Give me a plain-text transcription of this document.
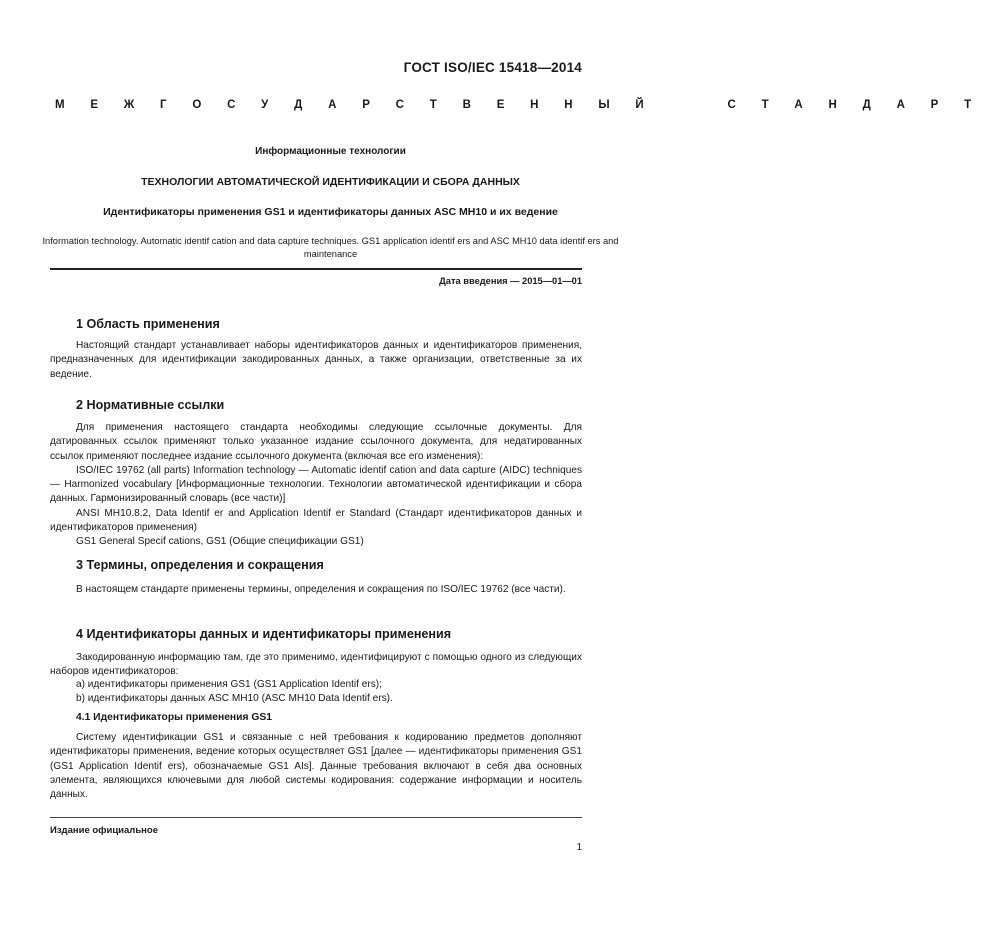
ГОСТ ISO/IEC 15418—2014
М Е Ж Г О С У Д А Р С Т В Е Н Н Ы Й     С Т А Н Д А Р Т
Информационные технологии
ТЕХНОЛОГИИ АВТОМАТИЧЕСКОЙ ИДЕНТИФИКАЦИИ И СБОРА ДАННЫХ
Идентификаторы применения GS1 и идентификаторы данных ASC MH10 и их ведение
Information technology. Automatic identif cation and data capture techniques. GS1 application identif ers and ASC MH10 data identif ers and maintenance
Дата введения — 2015—01—01
1 Область применения

Настоящий стандарт устанавливает наборы идентификаторов данных и идентификаторов применения, предназначенных для идентификации закодированных данных, а также организации, ответственные за их ведение.

2 Нормативные ссылки

Для применения настоящего стандарта необходимы следующие ссылочные документы. Для датированных ссылок применяют только указанное издание ссылочного документа, для недатированных ссылок применяют последнее издание ссылочного документа (включая все его изменения):

ISO/IEC 19762 (all parts) Information technology — Automatic identif cation and data capture (AIDC) techniques — Harmonized vocabulary [Информационные технологии. Технологии автоматической идентификации и сбора данных. Гармонизированный словарь (все части)]

ANSI MH10.8.2, Data Identif er and Application Identif er Standard (Стандарт идентификаторов данных и идентификаторов применения)

GS1 General Specif cations, GS1 (Общие спецификации GS1)

3 Термины, определения и сокращения

В настоящем стандарте применены термины, определения и сокращения по ISO/IEC 19762 (все части).

4 Идентификаторы данных и идентификаторы применения

Закодированную информацию там, где это применимо, идентифицируют с помощью одного из следующих наборов идентификаторов:

а) идентификаторы применения GS1 (GS1 Application Identif ers);
b) идентификаторы данных ASC MH10 (ASC MH10 Data Identif ers).
4.1 Идентификаторы применения GS1

Систему идентификации GS1 и связанные с ней требования к кодированию предметов дополняют идентификаторы применения, ведение которых осуществляет GS1 [далее — идентификаторы применения GS1 (GS1 Application Identif ers), обозначаемые GS1 AIs]. Данные требования включают в себя два основных элемента, являющихся ключевыми для любой системы кодирования: содержание информации и носитель данных.

Издание официальное
1
